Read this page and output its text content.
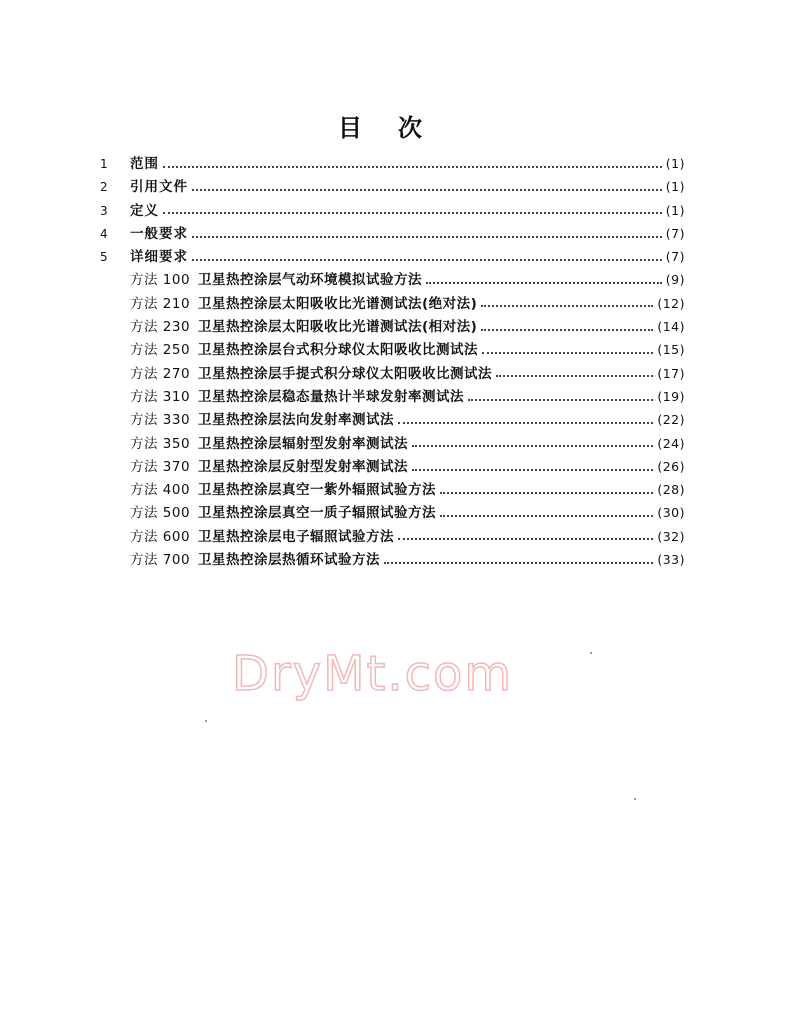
目 次
1	范围	(1)
2	引用文件	(1)
3	定义	(1)
4	一般要求	(7)
5	详细要求	(7)
方法 100 卫星热控涂层气动环境模拟试验方法	(9)
方法 210 卫星热控涂层太阳吸收比光谱测试法(绝对法)	(12)
方法 230 卫星热控涂层太阳吸收比光谱测试法(相对法)	(14)
方法 250 卫星热控涂层台式积分球仪太阳吸收比测试法	(15)
方法 270 卫星热控涂层手提式积分球仪太阳吸收比测试法	(17)
方法 310 卫星热控涂层稳态量热计半球发射率测试法	(19)
方法 330 卫星热控涂层法向发射率测试法	(22)
方法 350 卫星热控涂层辐射型发射率测试法	(24)
方法 370 卫星热控涂层反射型发射率测试法	(26)
方法 400 卫星热控涂层真空一紫外辐照试验方法	(28)
方法 500 卫星热控涂层真空一质子辐照试验方法	(30)
方法 600 卫星热控涂层电子辐照试验方法	(32)
方法 700 卫星热控涂层热循环试验方法	(33)
DryMt.com
